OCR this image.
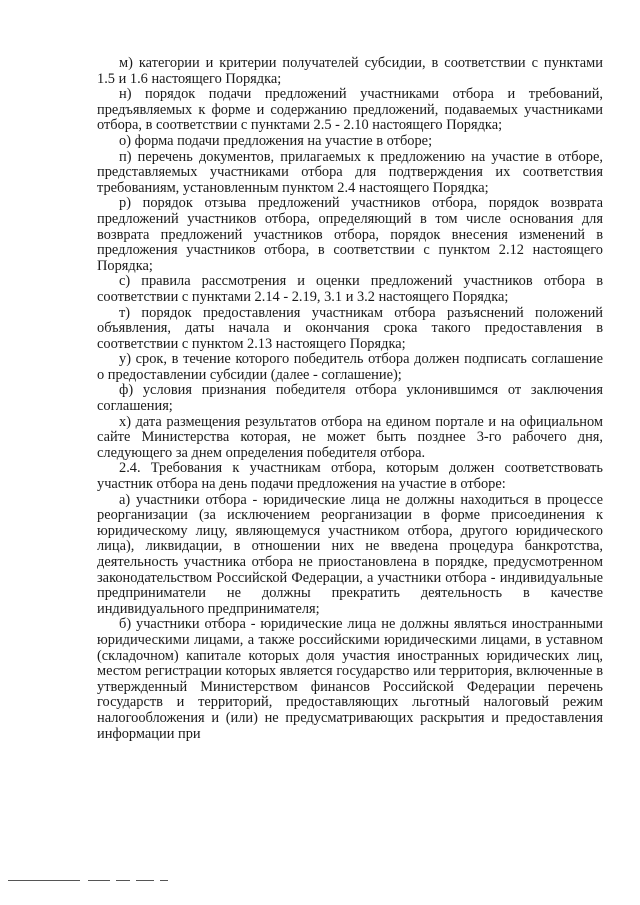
м) категории и критерии получателей субсидии, в соответствии с пунктами 1.5 и 1.6 настоящего Порядка;

н) порядок подачи предложений участниками отбора и требований, предъявляемых к форме и содержанию предложений, подаваемых участниками отбора, в соответствии с пунктами 2.5 - 2.10 настоящего Порядка;

о) форма подачи предложения на участие в отборе;

п) перечень документов, прилагаемых к предложению на участие в отборе, представляемых участниками отбора для подтверждения их соответствия требованиям, установленным пунктом 2.4 настоящего Порядка;

р) порядок отзыва предложений участников отбора, порядок возврата предложений участников отбора, определяющий в том числе основания для возврата предложений участников отбора, порядок внесения изменений в предложения участников отбора, в соответствии с пунктом 2.12 настоящего Порядка;

с) правила рассмотрения и оценки предложений участников отбора в соответствии с пунктами 2.14 - 2.19, 3.1 и 3.2 настоящего Порядка;

т) порядок предоставления участникам отбора разъяснений положений объявления, даты начала и окончания срока такого предоставления в соответствии с пунктом 2.13 настоящего Порядка;

у) срок, в течение которого победитель отбора должен подписать соглашение о предоставлении субсидии (далее - соглашение);

ф) условия признания победителя отбора уклонившимся от заключения соглашения;

х) дата размещения результатов отбора на едином портале и на официальном сайте Министерства которая, не может быть позднее 3-го рабочего дня, следующего за днем определения победителя отбора.

2.4. Требования к участникам отбора, которым должен соответствовать участник отбора на день подачи предложения на участие в отборе:

а) участники отбора - юридические лица не должны находиться в процессе реорганизации (за исключением реорганизации в форме присоединения к юридическому лицу, являющемуся участником отбора, другого юридического лица), ликвидации, в отношении них не введена процедура банкротства, деятельность участника отбора не приостановлена в порядке, предусмотренном законодательством Российской Федерации, а участники отбора - индивидуальные предприниматели не должны прекратить деятельность в качестве индивидуального предпринимателя;

б) участники отбора - юридические лица не должны являться иностранными юридическими лицами, а также российскими юридическими лицами, в уставном (складочном) капитале которых доля участия иностранных юридических лиц, местом регистрации которых является государство или территория, включенные в утвержденный Министерством финансов Российской Федерации перечень государств и территорий, предоставляющих льготный налоговый режим налогообложения и (или) не предусматривающих раскрытия и предоставления информации при
